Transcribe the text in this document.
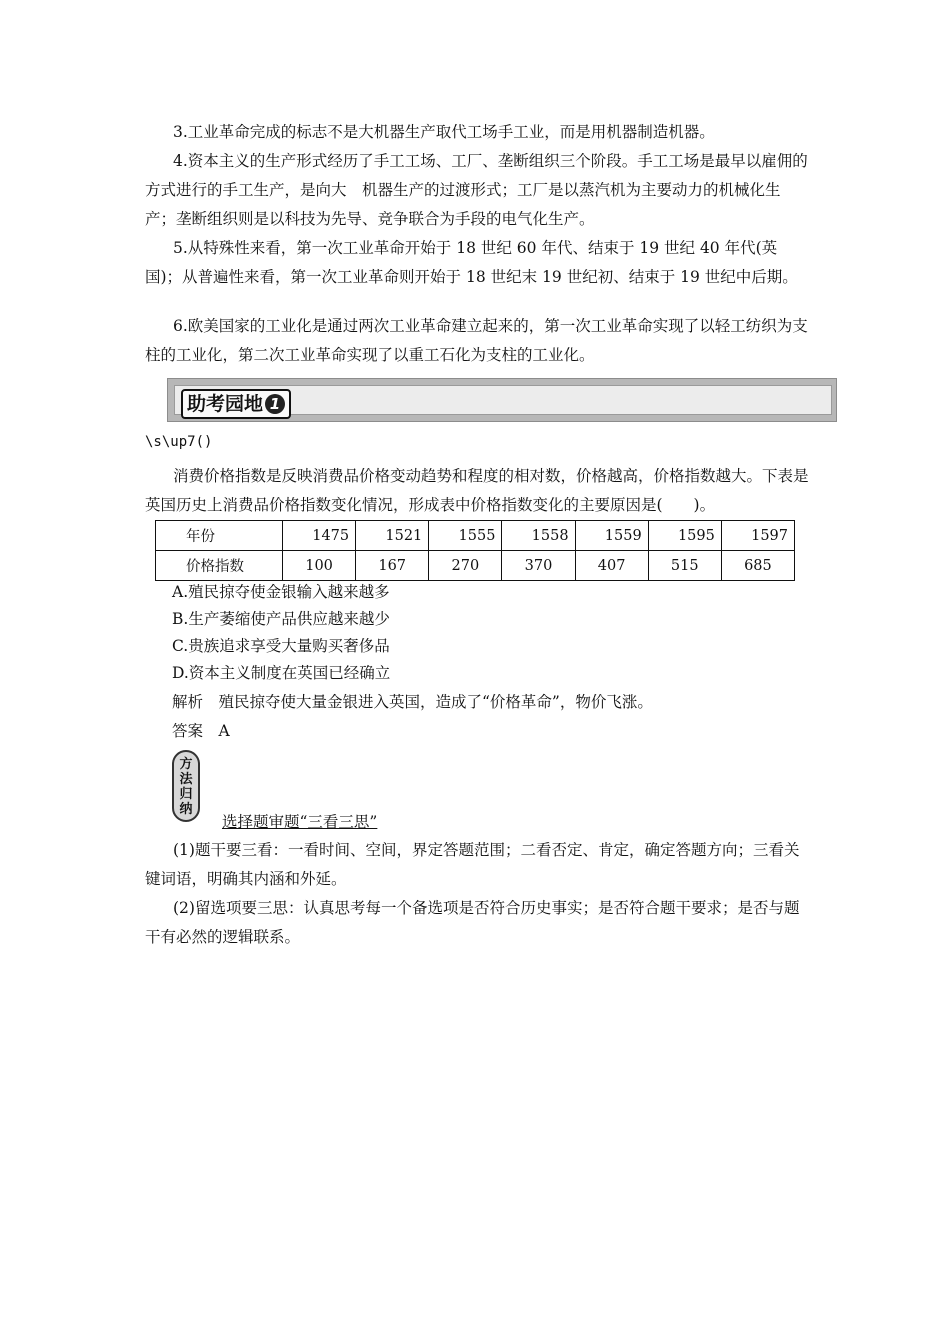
3.工业革命完成的标志不是大机器生产取代工场手工业，而是用机器制造机器。

4.资本主义的生产形式经历了手工工场、工厂、垄断组织三个阶段。手工工场是最早以雇佣的方式进行的手工生产，是向大　机器生产的过渡形式；工厂是以蒸汽机为主要动力的机械化生产；垄断组织则是以科技为先导、竞争联合为手段的电气化生产。

5.从特殊性来看，第一次工业革命开始于 18 世纪 60 年代、结束于 19 世纪 40 年代(英国)；从普遍性来看，第一次工业革命则开始于 18 世纪末 19 世纪初、结束于 19 世纪中后期。

6.欧美国家的工业化是通过两次工业革命建立起来的，第一次工业革命实现了以轻工纺织为支柱的工业化，第二次工业革命实现了以重工石化为支柱的工业化。

助考园地 1
\s\up7()

消费价格指数是反映消费品价格变动趋势和程度的相对数，价格越高，价格指数越大。下表是英国历史上消费品价格指数变化情况，形成表中价格指数变化的主要原因是(　　)。

年份	1475	1521	1555	1558	1559	1595	1597
价格指数	100	167	270	370	407	515	685
A.殖民掠夺使金银输入越来越多
B.生产萎缩使产品供应越来越少
C.贵族追求享受大量购买奢侈品
D.资本主义制度在英国已经确立
解析　殖民掠夺使大量金银进入英国，造成了“价格革命”，物价飞涨。
答案　A
方
法
归
纳
选择题审题“三看三思”

(1)题干要三看：一看时间、空间，界定答题范围；二看否定、肯定，确定答题方向；三看关键词语，明确其内涵和外延。

(2)留选项要三思：认真思考每一个备选项是否符合历史事实；是否符合题干要求；是否与题干有必然的逻辑联系。
